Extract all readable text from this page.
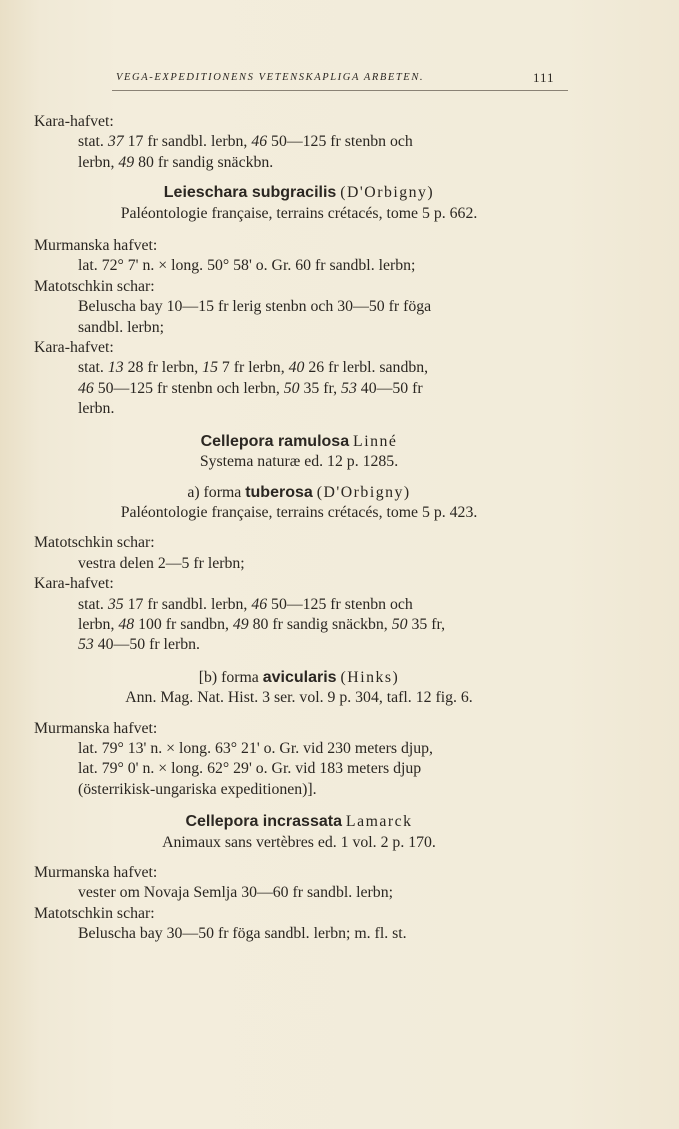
VEGA-EXPEDITIONENS VETENSKAPLIGA ARBETEN.	111
Kara-hafvet:
stat. 37 17 fr sandbl. lerbn, 46 50—125 fr stenbn och
lerbn, 49 80 fr sandig snäckbn.
Leieschara subgracilis (D'Orbigny)
Paléontologie française, terrains crétacés, tome 5 p. 662.
Murmanska hafvet:
lat. 72° 7' n. × long. 50° 58' o. Gr. 60 fr sandbl. lerbn;
Matotschkin schar:
Beluscha bay 10—15 fr lerig stenbn och 30—50 fr föga
sandbl. lerbn;
Kara-hafvet:
stat. 13 28 fr lerbn, 15 7 fr lerbn, 40 26 fr lerbl. sandbn,
46 50—125 fr stenbn och lerbn, 50 35 fr, 53 40—50 fr
lerbn.
Cellepora ramulosa Linné
Systema naturæ ed. 12 p. 1285.
a) forma tuberosa (D'Orbigny)
Paléontologie française, terrains crétacés, tome 5 p. 423.
Matotschkin schar:
vestra delen 2—5 fr lerbn;
Kara-hafvet:
stat. 35 17 fr sandbl. lerbn, 46 50—125 fr stenbn och
lerbn, 48 100 fr sandbn, 49 80 fr sandig snäckbn, 50 35 fr,
53 40—50 fr lerbn.
[b) forma avicularis (Hinks)
Ann. Mag. Nat. Hist. 3 ser. vol. 9 p. 304, tafl. 12 fig. 6.
Murmanska hafvet:
lat. 79° 13' n. × long. 63° 21' o. Gr. vid 230 meters djup,
lat. 79° 0' n. × long. 62° 29' o. Gr. vid 183 meters djup
(österrikisk-ungariska expeditionen)].
Cellepora incrassata Lamarck
Animaux sans vertèbres ed. 1 vol. 2 p. 170.
Murmanska hafvet:
vester om Novaja Semlja 30—60 fr sandbl. lerbn;
Matotschkin schar:
Beluscha bay 30—50 fr föga sandbl. lerbn; m. fl. st.
